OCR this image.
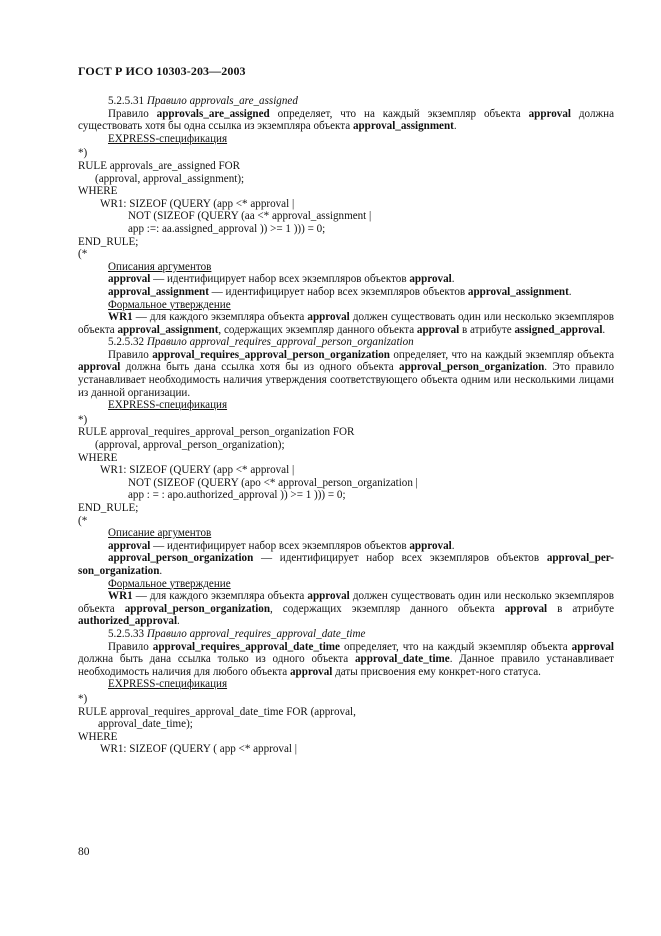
ГОСТ Р ИСО 10303-203—2003

5.2.5.31 Правило approvals_are_assigned

Правило approvals_are_assigned определяет, что на каждый экземпляр объекта approval должна существовать хотя бы одна ссылка из экземпляра объекта approval_assignment.

EXPRESS-спецификация

*)

RULE approvals_are_assigned FOR

(approval, approval_assignment);

WHERE

WR1: SIZEOF (QUERY (app <* approval |

NOT (SIZEOF (QUERY (aa <* approval_assignment |

app :=: aa.assigned_approval )) >= 1 ))) = 0;

END_RULE;

(*

Описания аргументов

approval — идентифицирует набор всех экземпляров объектов approval.

approval_assignment — идентифицирует набор всех экземпляров объектов approval_assignment.

Формальное утверждение

WR1 — для каждого экземпляра объекта approval должен существовать один или несколько экземпляров объекта approval_assignment, содержащих экземпляр данного объекта approval в атрибуте assigned_approval.

5.2.5.32 Правило approval_requires_approval_person_organization

Правило approval_requires_approval_person_organization определяет, что на каждый экземпляр объекта approval должна быть дана ссылка хотя бы из одного объекта approval_person_organization. Это правило устанавливает необходимость наличия утверждения соответствующего объекта одним или несколькими лицами из данной организации.

EXPRESS-спецификация

*)

RULE approval_requires_approval_person_organization FOR

(approval, approval_person_organization);

WHERE

WR1: SIZEOF (QUERY (app <* approval |

NOT (SIZEOF (QUERY (apo <* approval_person_organization |

app : = : apo.authorized_approval )) >= 1 ))) = 0;

END_RULE;

(*

Описание аргументов

approval — идентифицирует набор всех экземпляров объектов approval.

approval_person_organization — идентифицирует набор всех экземпляров объектов approval_per-son_organization.

Формальное утверждение

WR1 — для каждого экземпляра объекта approval должен существовать один или несколько экземпляров объекта approval_person_organization, содержащих экземпляр данного объекта approval в атрибуте authorized_approval.

5.2.5.33 Правило approval_requires_approval_date_time

Правило approval_requires_approval_date_time определяет, что на каждый экземпляр объекта approval должна быть дана ссылка только из одного объекта approval_date_time. Данное правило устанавливает необходимость наличия для любого объекта approval даты присвоения ему конкрет-ного статуса.

EXPRESS-спецификация

*)

RULE approval_requires_approval_date_time FOR (approval,

approval_date_time);

WHERE

WR1: SIZEOF (QUERY ( app <* approval |

80
